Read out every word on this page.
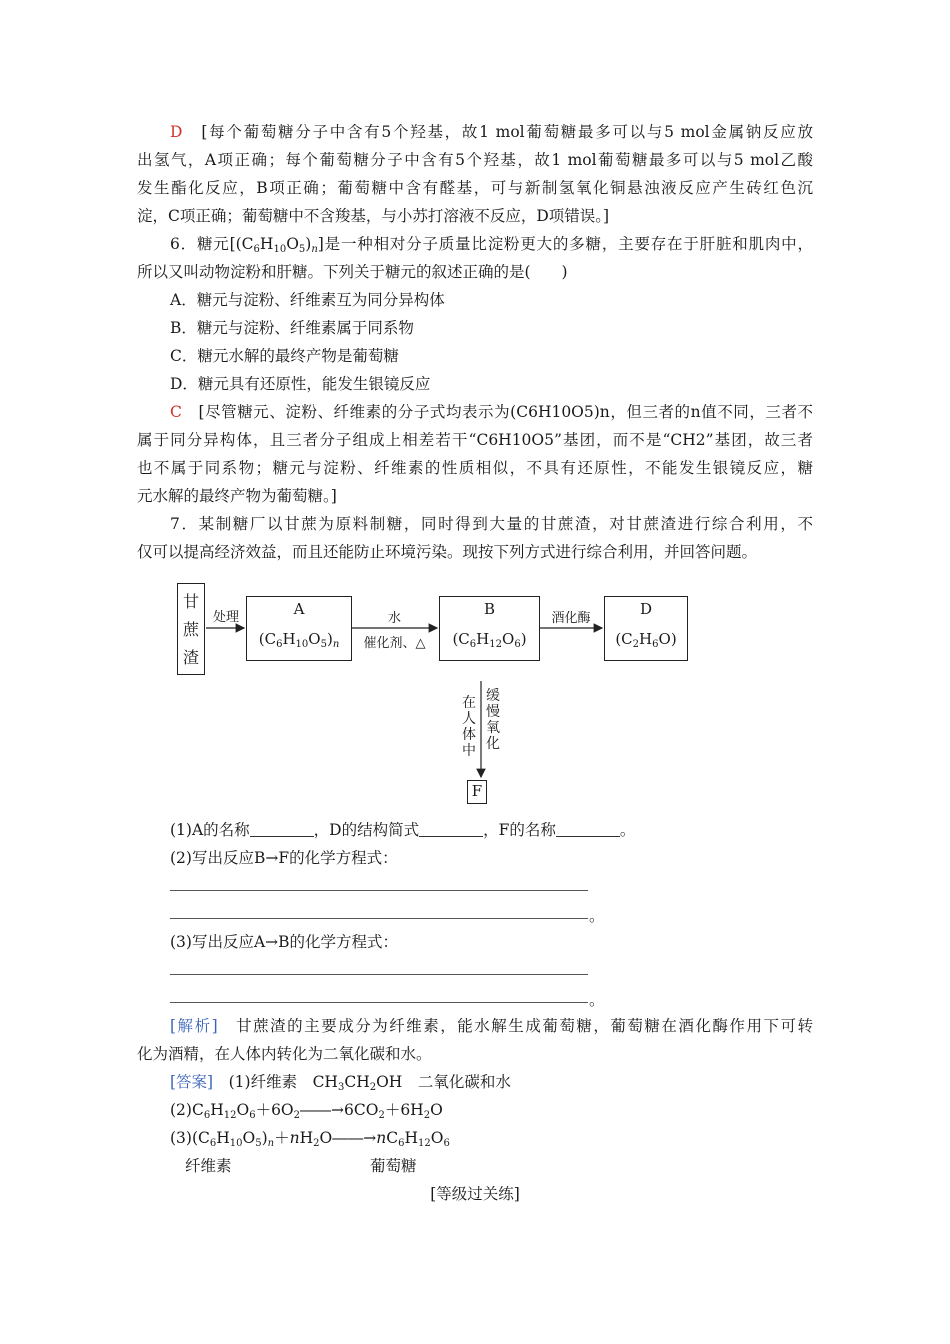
D　 [每个葡萄糖分子中含有5个羟基，故1 mol葡萄糖最多可以与5 mol金属钠反应放
出氢气，A项正确；每个葡萄糖分子中含有5个羟基，故1 mol葡萄糖最多可以与5 mol乙酸
发生酯化反应，B项正确；葡萄糖中含有醛基，可与新制氢氧化铜悬浊液反应产生砖红色沉
淀，C项正确；葡萄糖中不含羧基，与小苏打溶液不反应，D项错误。]
6．糖元$[(C_6H_{10}O_5)_n]$是一种相对分子质量比淀粉更大的多糖，主要存在于肝脏和肌肉中，
所以又叫动物淀粉和肝糖。下列关于糖元的叙述正确的是(　　)
A．糖元与淀粉、纤维素互为同分异构体
B．糖元与淀粉、纤维素属于同系物
C．糖元水解的最终产物是葡萄糖
D．糖元具有还原性，能发生银镜反应
C　 [尽管糖元、淀粉、纤维素的分子式均表示为(C6H10O5)n，但三者的n值不同，三者不
属于同分异构体，且三者分子组成上相差若干“C6H10O5”基团，而不是“CH2”基团，故三者
也不属于同系物；糖元与淀粉、纤维素的性质相似，不具有还原性，不能发生银镜反应，糖
元水解的最终产物为葡萄糖。]
7．某制糖厂以甘蔗为原料制糖，同时得到大量的甘蔗渣，对甘蔗渣进行综合利用，不
仅可以提高经济效益，而且还能防止环境污染。现按下列方式进行综合利用，并回答问题。
甘
蔗
渣
处理	A
$(C_6H_{10}O_5)_n$
水
催化剂、△
B
$(C_6H_{12}O_6)$
酒化酶
D
$(C_2H_6O)$
在
人
体
中
缓
慢
氧
化
F
(1)A的名称	，D的结构简式	，F的名称	。
(2)写出反应B→F的化学方程式：
。
(3)写出反应A→B的化学方程式：
。
[解析]　甘蔗渣的主要成分为纤维素，能水解生成葡萄糖，葡萄糖在酒化酶作用下可转
化为酒精，在人体内转化为二氧化碳和水。
[答案]　(1)纤维素　$CH_3CH_2OH$　二氧化碳和水
$(2)C_6H_{12}O_6+6O_2――\to 6CO_2+6H_2O$
$(3)(C_6H_{10}O_5)_n+nH_2O――\to nC_6H_{12}O_6$
纤维素	葡萄糖
[等级过关练]
